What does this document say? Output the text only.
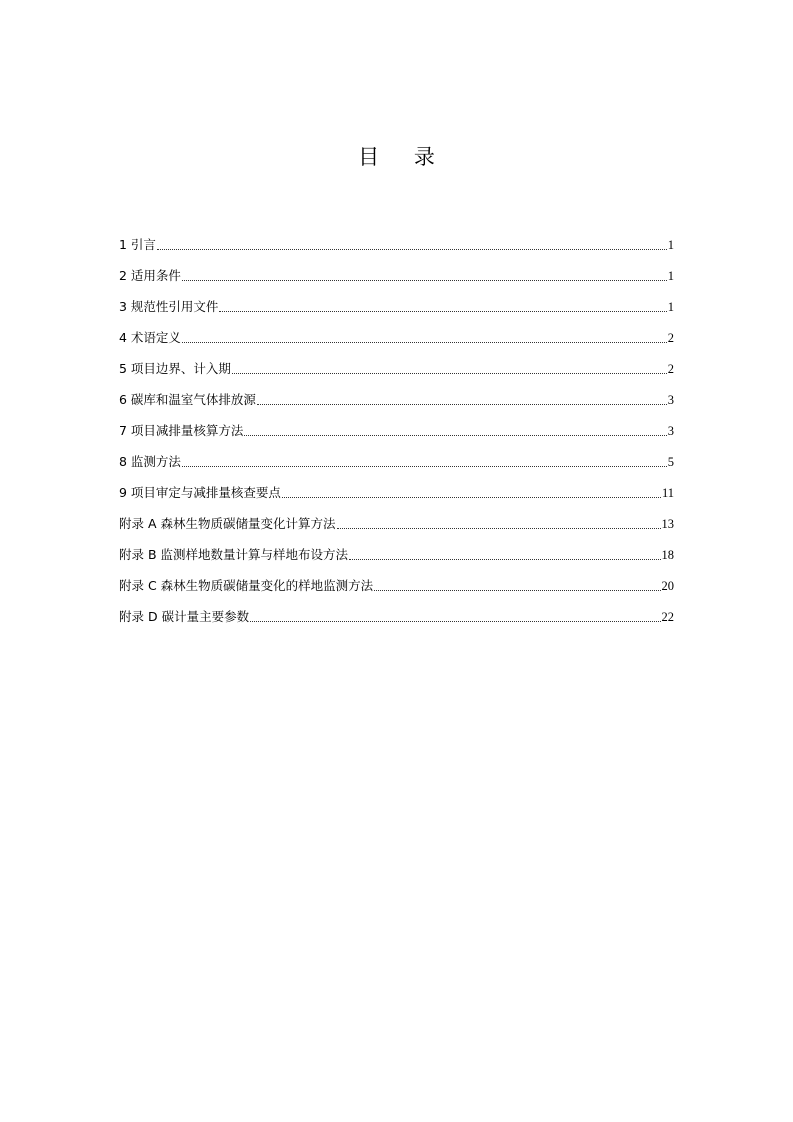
目 录
1 引言	1
2 适用条件	1
3 规范性引用文件	1
4 术语定义	2
5 项目边界、计入期	2
6 碳库和温室气体排放源	3
7 项目减排量核算方法	3
8 监测方法	5
9 项目审定与减排量核查要点	11
附录 A 森林生物质碳储量变化计算方法	13
附录 B 监测样地数量计算与样地布设方法	18
附录 C 森林生物质碳储量变化的样地监测方法	20
附录 D 碳计量主要参数	22
